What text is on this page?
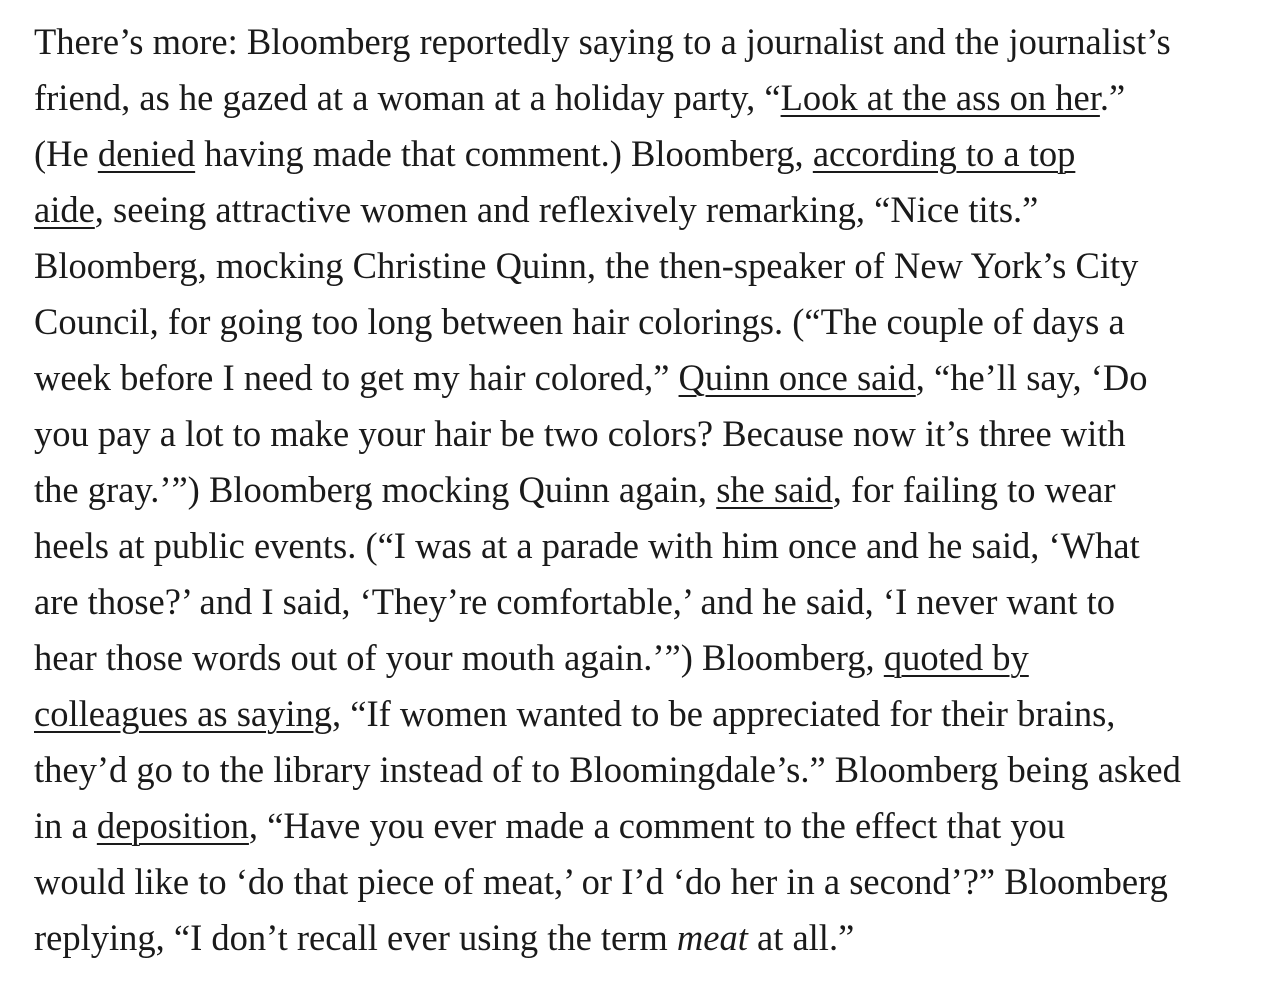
There’s more: Bloomberg reportedly saying to a journalist and the journalist’s
friend, as he gazed at a woman at a holiday party, “Look at the ass on her.”
(He denied having made that comment.) Bloomberg, according to a top
aide, seeing attractive women and reflexively remarking, “Nice tits.”
Bloomberg, mocking Christine Quinn, the then-speaker of New York’s City
Council, for going too long between hair colorings. (“The couple of days a
week before I need to get my hair colored,” Quinn once said, “he’ll say, ‘Do
you pay a lot to make your hair be two colors? Because now it’s three with
the gray.’”) Bloomberg mocking Quinn again, she said, for failing to wear
heels at public events. (“I was at a parade with him once and he said, ‘What
are those?’ and I said, ‘They’re comfortable,’ and he said, ‘I never want to
hear those words out of your mouth again.’”) Bloomberg, quoted by
colleagues as saying, “If women wanted to be appreciated for their brains,
they’d go to the library instead of to Bloomingdale’s.” Bloomberg being asked
in a deposition, “Have you ever made a comment to the effect that you
would like to ‘do that piece of meat,’ or I’d ‘do her in a second’?” Bloomberg
replying, “I don’t recall ever using the term meat at all.”
